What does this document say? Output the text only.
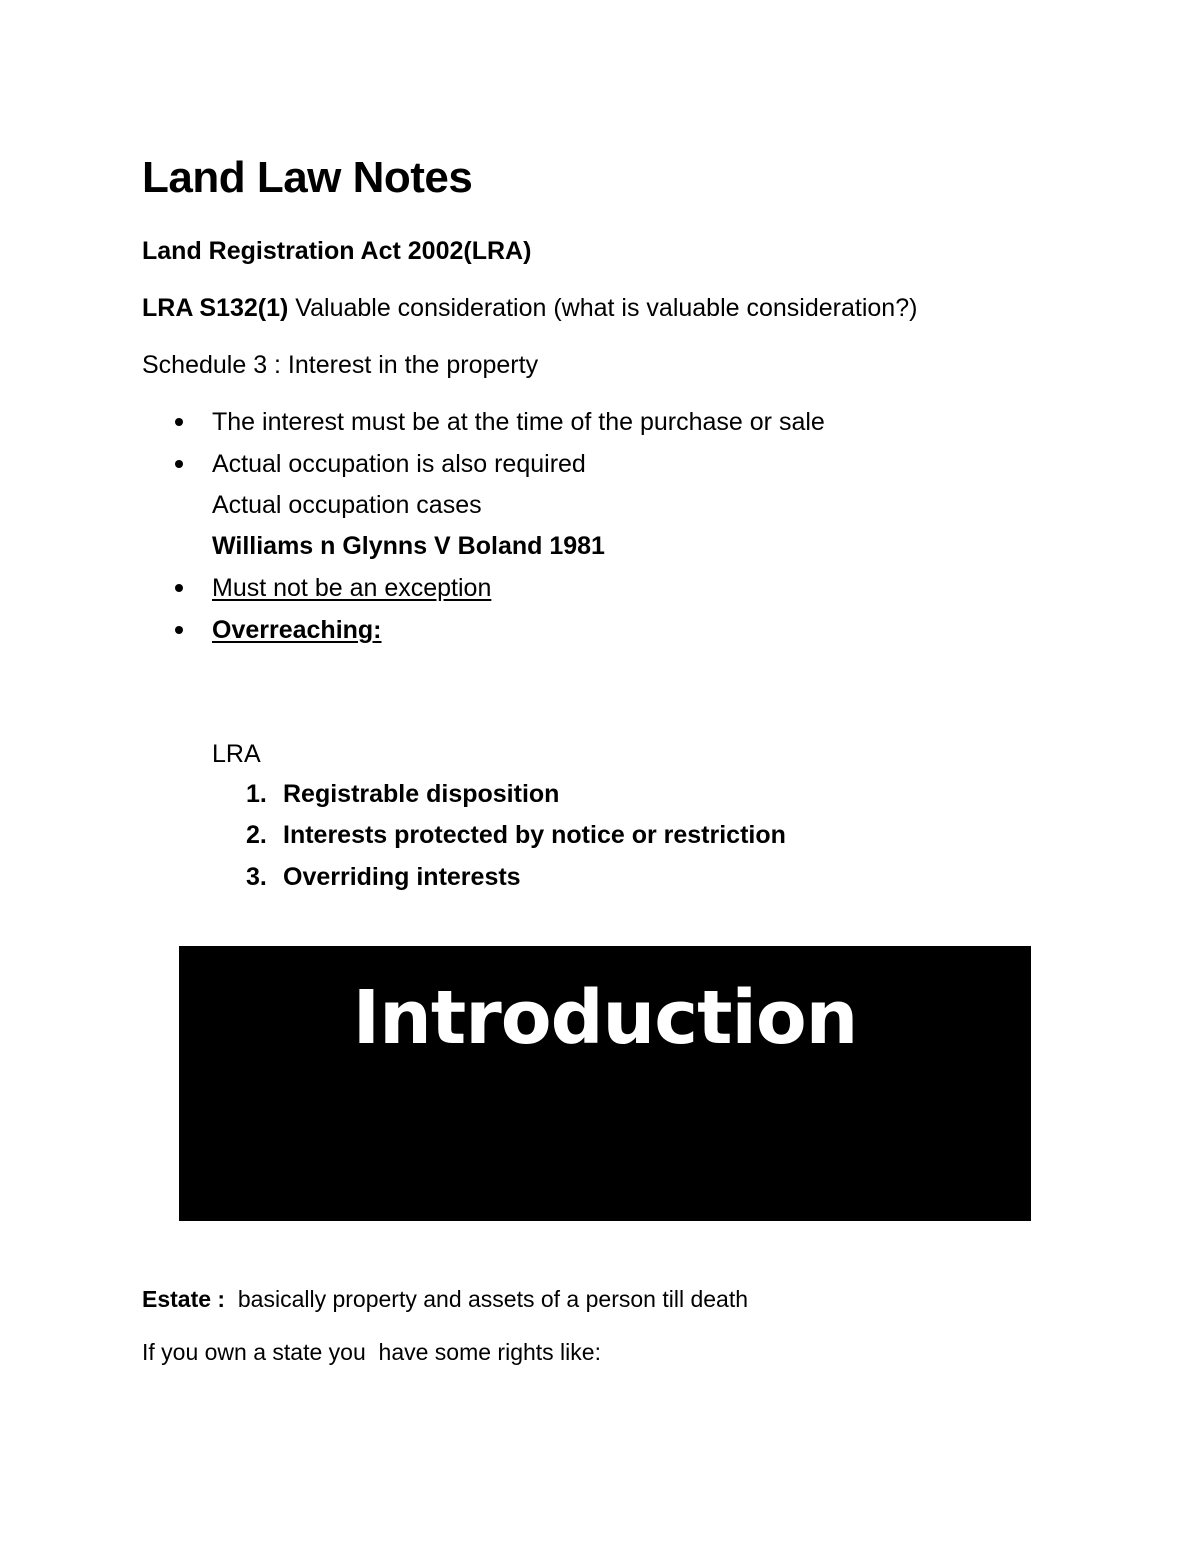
Land Law Notes
Land Registration Act 2002(LRA)
LRA S132(1) Valuable consideration (what is valuable consideration?)
Schedule 3 : Interest in the property
The interest must be at the time of the purchase or sale
Actual occupation is also required
Actual occupation cases
Williams n Glynns V Boland 1981
Must not be an exception
Overreaching:
LRA
1. Registrable disposition
2. Interests protected by notice or restriction
3. Overriding interests
Introduction
Estate :  basically property and assets of a person till death
If you own a state you  have some rights like:
